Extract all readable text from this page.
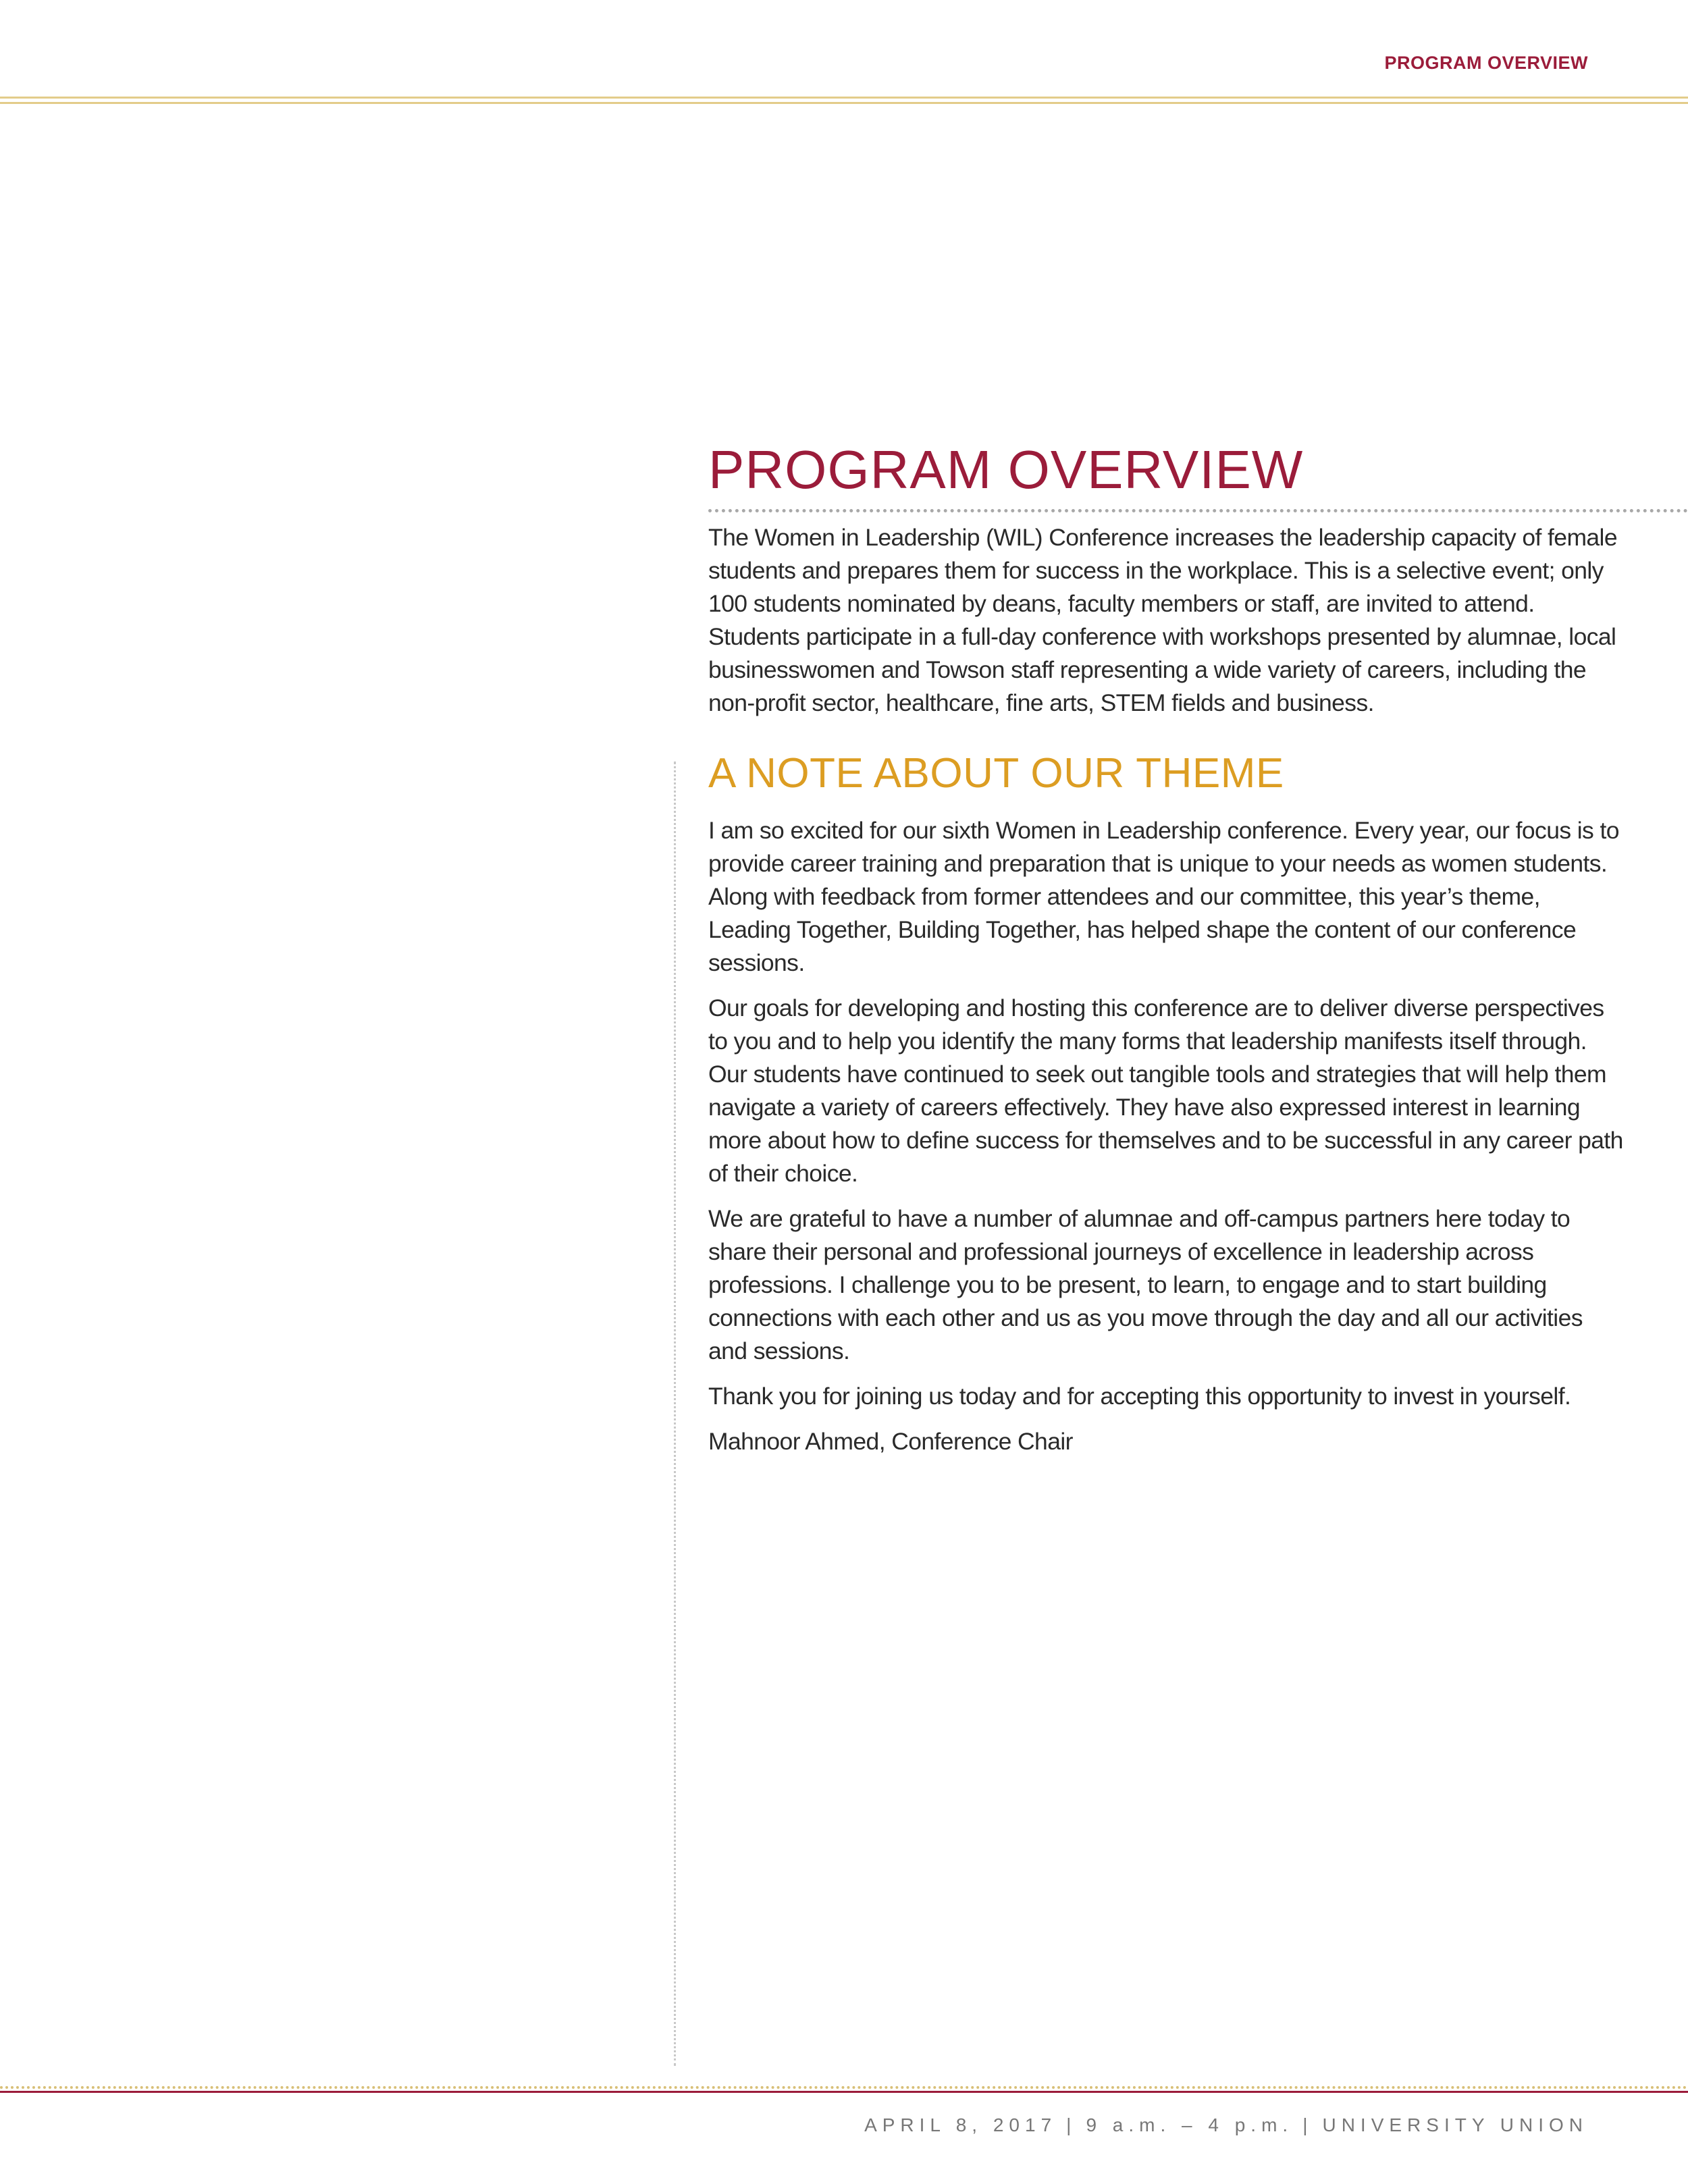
PROGRAM OVERVIEW
PROGRAM OVERVIEW

The Women in Leadership (WIL) Conference increases the leadership capacity of female students and prepares them for success in the workplace. This is a selective event; only 100 students nominated by deans, faculty members or staff, are invited to attend. Students participate in a full-day conference with workshops presented by alumnae, local businesswomen and Towson staff representing a wide variety of careers, including the non-profit sector, healthcare, fine arts, STEM fields and business.

A NOTE ABOUT OUR THEME

I am so excited for our sixth Women in Leadership conference. Every year, our focus is to provide career training and preparation that is unique to your needs as women students. Along with feedback from former attendees and our committee, this year’s theme, Leading Together, Building Together, has helped shape the content of our conference sessions.

Our goals for developing and hosting this conference are to deliver diverse perspectives to you and to help you identify the many forms that leadership manifests itself through. Our students have continued to seek out tangible tools and strategies that will help them navigate a variety of careers effectively. They have also expressed interest in learning more about how to define success for themselves and to be successful in any career path of their choice.

We are grateful to have a number of alumnae and off-campus partners here today to share their personal and professional journeys of excellence in leadership across professions. I challenge you to be present, to learn, to engage and to start building connections with each other and us as you move through the day and all our activities and sessions.

Thank you for joining us today and for accepting this opportunity to invest in yourself.

Mahnoor Ahmed, Conference Chair

APRIL 8, 2017 | 9 a.m. – 4 p.m. | UNIVERSITY UNION
